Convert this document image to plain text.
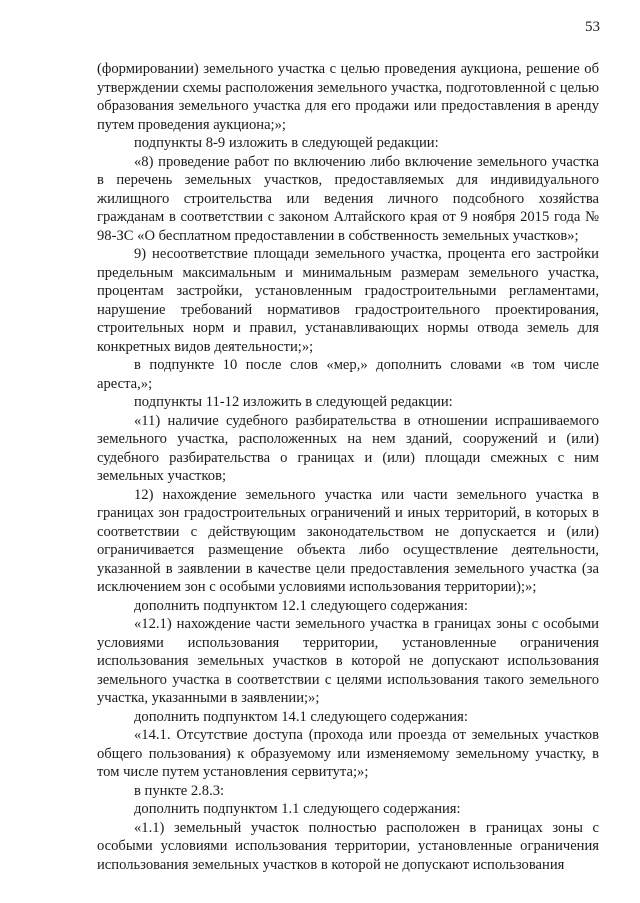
53

(формировании) земельного участка с целью проведения аукциона, решение об утверждении схемы расположения земельного участка, подготовленной с целью образования земельного участка для его продажи или предоставления в аренду путем проведения аукциона;»;

подпункты 8-9 изложить в следующей редакции:

«8) проведение работ по включению либо включение земельного участка в перечень земельных участков, предоставляемых для индивидуального жилищного строительства или ведения личного подсобного хозяйства гражданам в соответствии с законом Алтайского края от 9 ноября 2015 года № 98-ЗС «О бесплатном предоставлении в собственность земельных участков»;

9) несоответствие площади земельного участка, процента его застройки предельным максимальным и минимальным размерам земельного участка, процентам застройки, установленным градостроительными регламентами, нарушение требований нормативов градостроительного проектирования, строительных норм и правил, устанавливающих нормы отвода земель для конкретных видов деятельности;»;

в подпункте 10 после слов «мер,» дополнить словами «в том числе ареста,»;

подпункты 11-12 изложить в следующей редакции:

«11) наличие судебного разбирательства в отношении испрашиваемого земельного участка, расположенных на нем зданий, сооружений и (или) судебного разбирательства о границах и (или) площади смежных с ним земельных участков;

12) нахождение земельного участка или части земельного участка в границах зон градостроительных ограничений и иных территорий, в которых в соответствии с действующим законодательством не допускается и (или) ограничивается размещение объекта либо осуществление деятельности, указанной в заявлении в качестве цели предоставления земельного участка (за исключением зон с особыми условиями использования территории);»;

дополнить подпунктом 12.1 следующего содержания:

«12.1) нахождение части земельного участка в границах зоны с особыми условиями использования территории, установленные ограничения использования земельных участков в которой не допускают использования земельного участка в соответствии с целями использования такого земельного участка, указанными в заявлении;»;

дополнить подпунктом 14.1 следующего содержания:

«14.1. Отсутствие доступа (прохода или проезда от земельных участков общего пользования) к образуемому или изменяемому земельному участку, в том числе путем установления сервитута;»;

в пункте 2.8.3:

дополнить подпунктом 1.1 следующего содержания:

«1.1) земельный участок полностью расположен в границах зоны с особыми условиями использования территории, установленные ограничения использования земельных участков в которой не допускают использования
